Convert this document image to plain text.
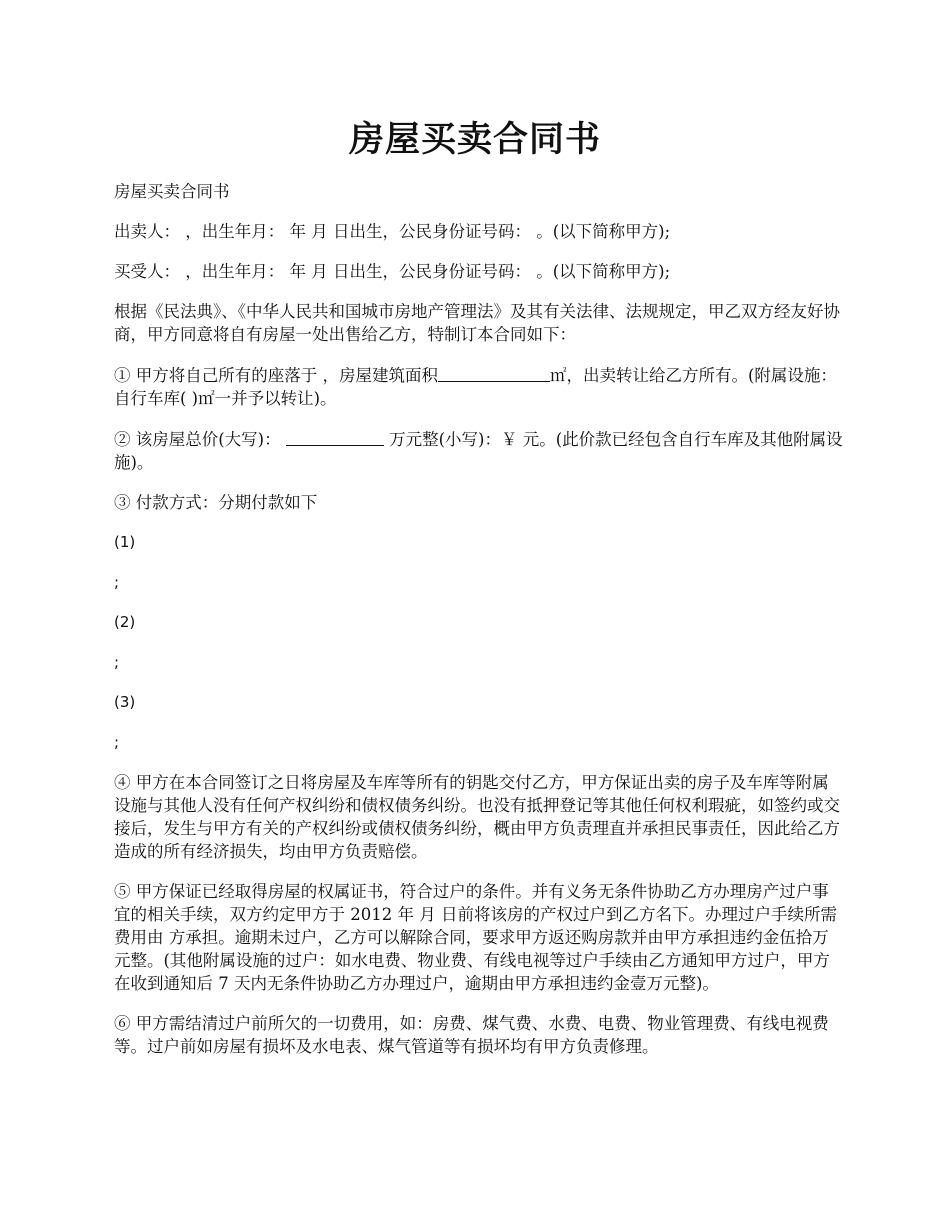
房屋买卖合同书

房屋买卖合同书

出卖人： ，出生年月： 年 月 日出生，公民身份证号码： 。(以下简称甲方);

买受人： ，出生年月： 年 月 日出生，公民身份证号码： 。(以下简称甲方);

根据《民法典》、《中华人民共和国城市房地产管理法》及其有关法律、法规规定，甲乙双方经友好协商，甲方同意将自有房屋一处出售给乙方，特制订本合同如下：

① 甲方将自己所有的座落于 ，房屋建筑面积	㎡，出卖转让给乙方所有。(附属设施：自行车库( )㎡一并予以转让)。

② 该房屋总价(大写)：	万元整(小写)：￥ 元。(此价款已经包含自行车库及其他附属设施)。

③ 付款方式：分期付款如下

(1)

;

(2)

;

(3)

;

④ 甲方在本合同签订之日将房屋及车库等所有的钥匙交付乙方，甲方保证出卖的房子及车库等附属设施与其他人没有任何产权纠纷和债权债务纠纷。也没有抵押登记等其他任何权利瑕疵，如签约或交接后，发生与甲方有关的产权纠纷或债权债务纠纷，概由甲方负责理直并承担民事责任，因此给乙方造成的所有经济损失，均由甲方负责赔偿。

⑤ 甲方保证已经取得房屋的权属证书，符合过户的条件。并有义务无条件协助乙方办理房产过户事宜的相关手续，双方约定甲方于 2012 年 月 日前将该房的产权过户到乙方名下。办理过户手续所需费用由 方承担。逾期未过户，乙方可以解除合同，要求甲方返还购房款并由甲方承担违约金伍拾万元整。(其他附属设施的过户：如水电费、物业费、有线电视等过户手续由乙方通知甲方过户，甲方在收到通知后 7 天内无条件协助乙方办理过户，逾期由甲方承担违约金壹万元整)。

⑥ 甲方需结清过户前所欠的一切费用，如：房费、煤气费、水费、电费、物业管理费、有线电视费等。过户前如房屋有损坏及水电表、煤气管道等有损坏均有甲方负责修理。
